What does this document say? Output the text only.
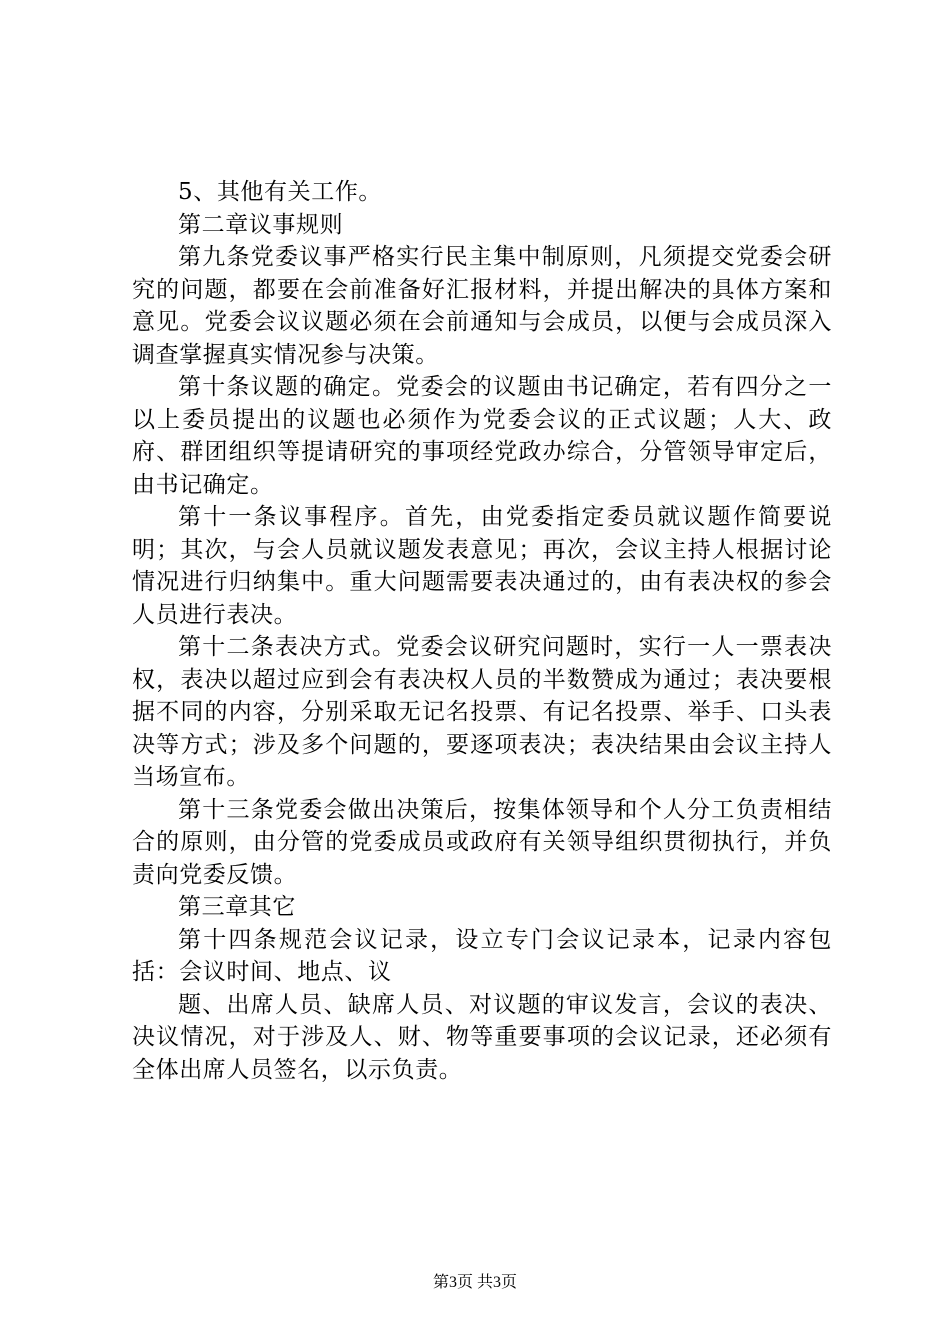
5、其他有关工作。

第二章议事规则

第九条党委议事严格实行民主集中制原则，凡须提交党委会研究的问题，都要在会前准备好汇报材料，并提出解决的具体方案和意见。党委会议议题必须在会前通知与会成员，以便与会成员深入调查掌握真实情况参与决策。

第十条议题的确定。党委会的议题由书记确定，若有四分之一以上委员提出的议题也必须作为党委会议的正式议题；人大、政府、群团组织等提请研究的事项经党政办综合，分管领导审定后，由书记确定。

第十一条议事程序。首先，由党委指定委员就议题作简要说明；其次，与会人员就议题发表意见；再次，会议主持人根据讨论情况进行归纳集中。重大问题需要表决通过的，由有表决权的参会人员进行表决。

第十二条表决方式。党委会议研究问题时，实行一人一票表决权，表决以超过应到会有表决权人员的半数赞成为通过；表决要根据不同的内容，分别采取无记名投票、有记名投票、举手、口头表决等方式；涉及多个问题的，要逐项表决；表决结果由会议主持人当场宣布。

第十三条党委会做出决策后，按集体领导和个人分工负责相结合的原则，由分管的党委成员或政府有关领导组织贯彻执行，并负责向党委反馈。

第三章其它

第十四条规范会议记录，设立专门会议记录本，记录内容包括：会议时间、地点、议

题、出席人员、缺席人员、对议题的审议发言，会议的表决、决议情况，对于涉及人、财、物等重要事项的会议记录，还必须有全体出席人员签名，以示负责。

第3页 共3页
